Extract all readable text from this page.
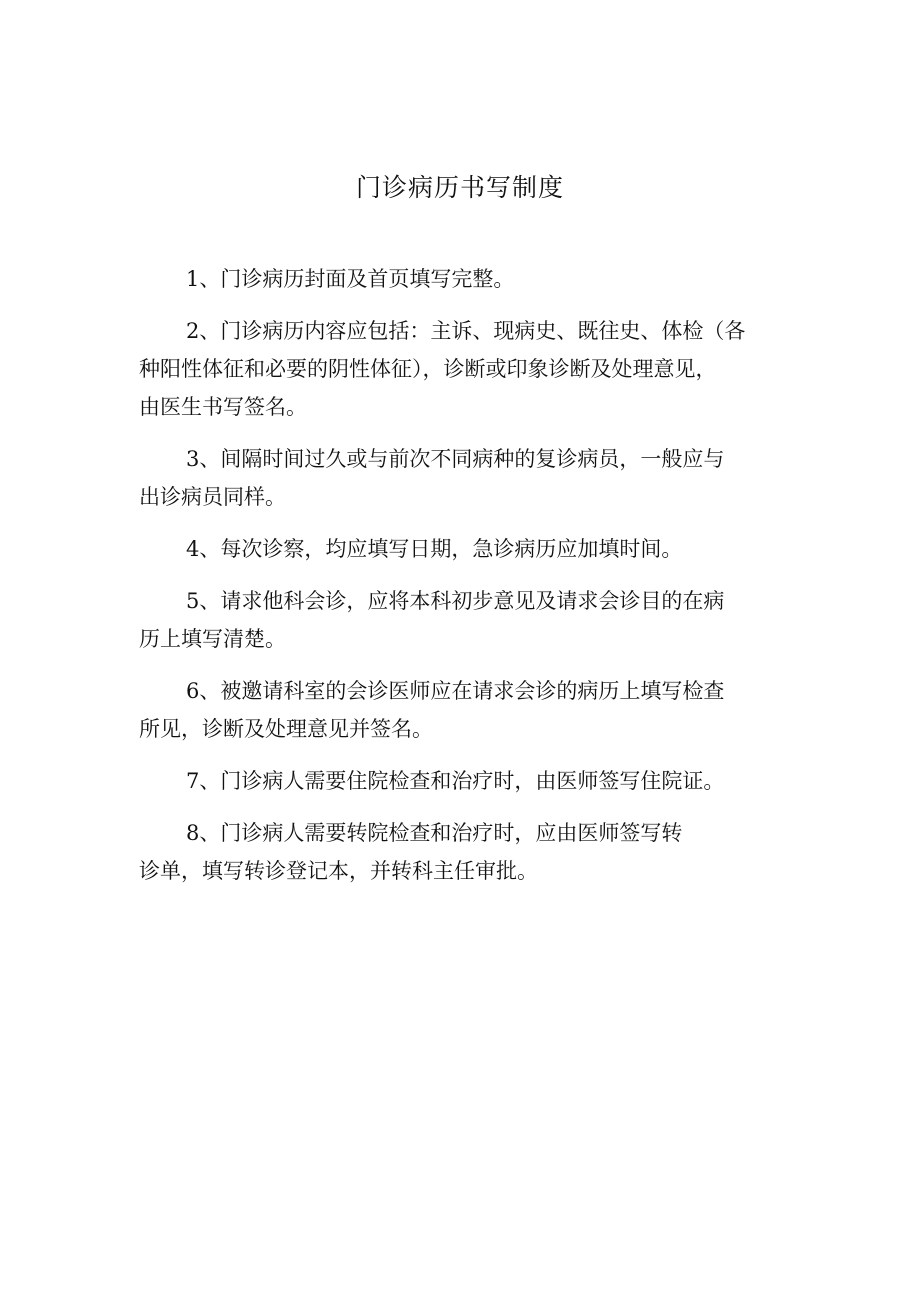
门诊病历书写制度

1、门诊病历封面及首页填写完整。

2、门诊病历内容应包括：主诉、现病史、既往史、体检（各
种阳性体征和必要的阴性体征），诊断或印象诊断及处理意见，
由医生书写签名。

3、间隔时间过久或与前次不同病种的复诊病员，一般应与
出诊病员同样。

4、每次诊察，均应填写日期，急诊病历应加填时间。

5、请求他科会诊，应将本科初步意见及请求会诊目的在病
历上填写清楚。

6、被邀请科室的会诊医师应在请求会诊的病历上填写检查
所见，诊断及处理意见并签名。

7、门诊病人需要住院检查和治疗时，由医师签写住院证。

8、门诊病人需要转院检查和治疗时，应由医师签写转
诊单，填写转诊登记本，并转科主任审批。
